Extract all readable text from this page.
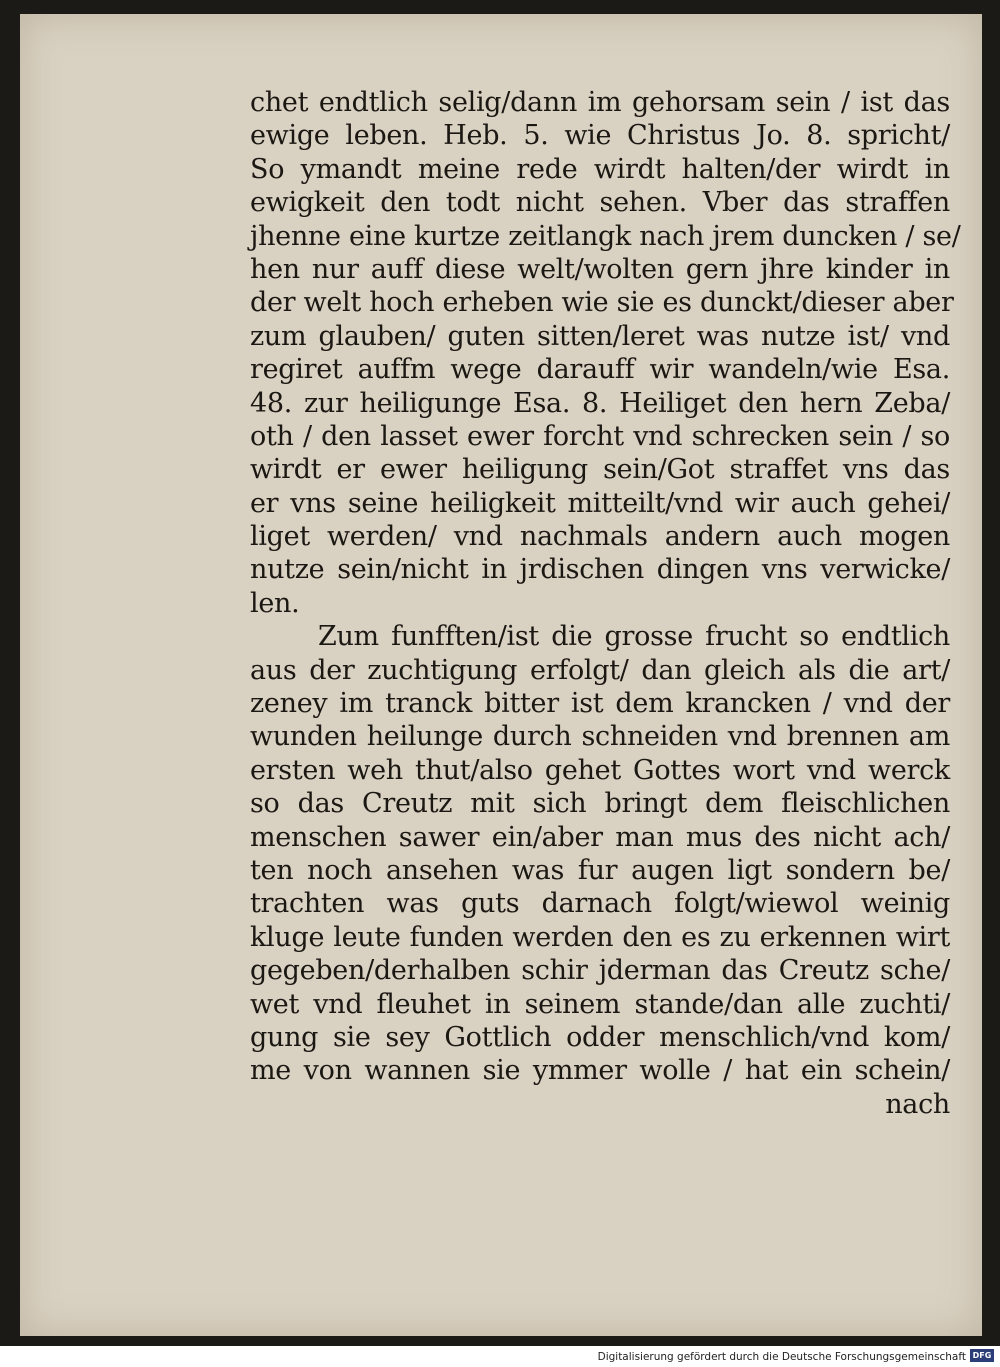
chet endtlich selig/dann im gehorsam sein / ist das
ewige leben. Heb. 5. wie Christus Jo. 8. spricht/
So ymandt meine rede wirdt halten/der wirdt in
ewigkeit den todt nicht sehen. Vber das straffen
jhenne eine kurtze zeitlangk nach jrem duncken / se/
hen nur auff diese welt/wolten gern jhre kinder in
der welt hoch erheben wie sie es dunckt/dieser aber
zum glauben/ guten sitten/leret was nutze ist/ vnd
regiret auffm wege darauff wir wandeln/wie Esa.
48. zur heiligunge Esa. 8. Heiliget den hern Zeba/
oth / den lasset ewer forcht vnd schrecken sein / so
wirdt er ewer heiligung sein/Got straffet vns das
er vns seine heiligkeit mitteilt/vnd wir auch gehei/
liget werden/ vnd nachmals andern auch mogen
nutze sein/nicht in jrdischen dingen vns verwicke/
len.
Zum funfften/ist die grosse frucht so endtlich
aus der zuchtigung erfolgt/ dan gleich als die art/
zeney im tranck bitter ist dem krancken / vnd der
wunden heilunge durch schneiden vnd brennen am
ersten weh thut/also gehet Gottes wort vnd werck
so das Creutz mit sich bringt dem fleischlichen
menschen sawer ein/aber man mus des nicht ach/
ten noch ansehen was fur augen ligt sondern be/
trachten was guts darnach folgt/wiewol weinig
kluge leute funden werden den es zu erkennen wirt
gegeben/derhalben schir jderman das Creutz sche/
wet vnd fleuhet in seinem stande/dan alle zuchti/
gung sie sey Gottlich odder menschlich/vnd kom/
me von wannen sie ymmer wolle / hat ein schein/
nach
Digitalisierung gefördert durch die Deutsche Forschungsgemeinschaft DFG
